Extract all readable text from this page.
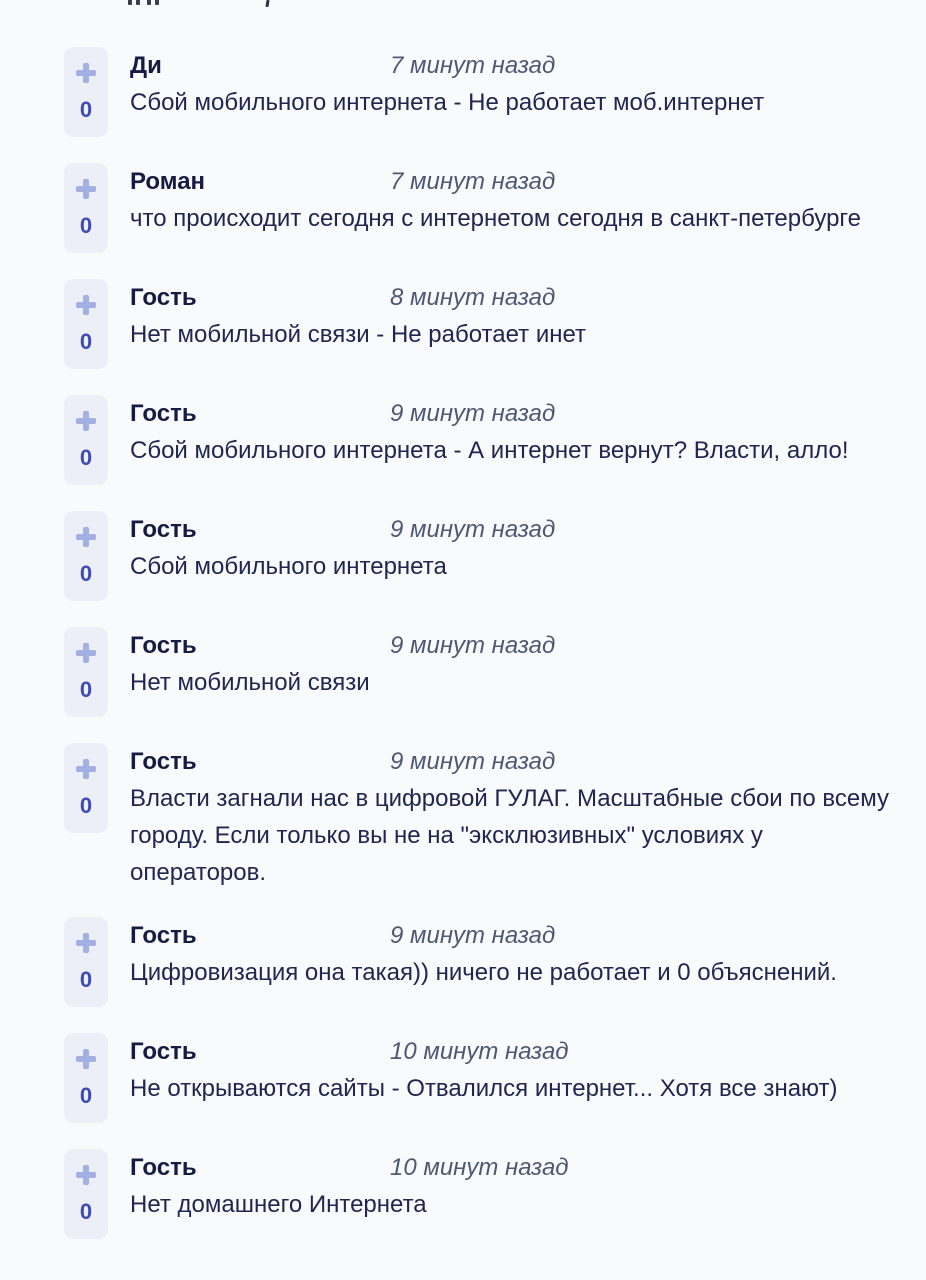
0
Ди	7 минут назад
Сбой мобильного интернета - Не работает моб.интернет
0
Роман	7 минут назад
что происходит сегодня с интернетом сегодня в санкт-петербурге
0
Гость	8 минут назад
Нет мобильной связи - Не работает инет
0
Гость	9 минут назад
Сбой мобильного интернета - А интернет вернут? Власти, алло!
0
Гость	9 минут назад
Сбой мобильного интернета
0
Гость	9 минут назад
Нет мобильной связи
0
Гость	9 минут назад
Власти загнали нас в цифровой ГУЛАГ. Масштабные сбои по всему городу. Если только вы не на "эксклюзивных" условиях у операторов.
0
Гость	9 минут назад
Цифровизация она такая)) ничего не работает и 0 объяснений.
0
Гость	10 минут назад
Не открываются сайты - Отвалился интернет... Хотя все знают)
0
Гость	10 минут назад
Нет домашнего Интернета
